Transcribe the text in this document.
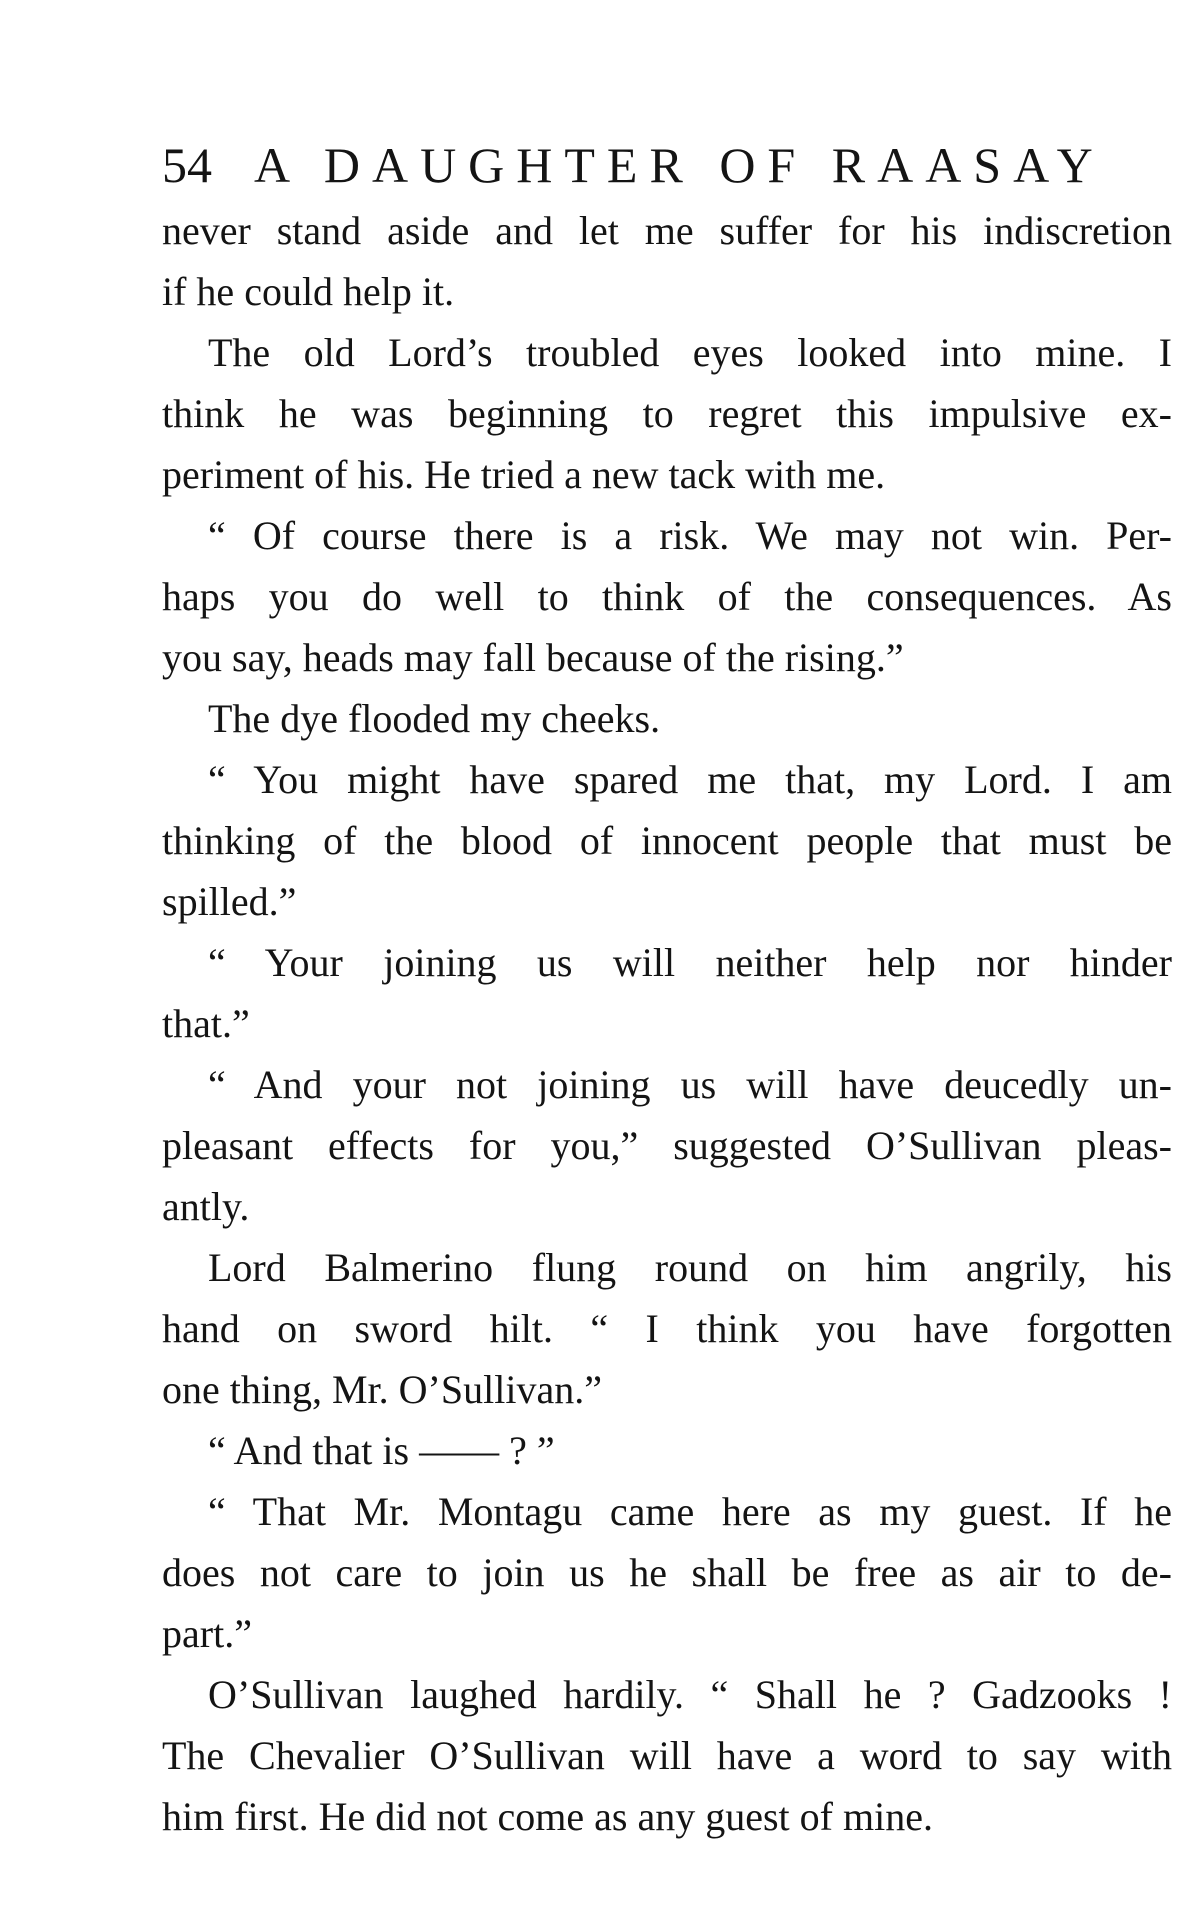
54 A DAUGHTER OF RAASAY
never stand aside and let me suffer for his indiscretion
if he could help it.
The old Lord’s troubled eyes looked into mine. I
think he was beginning to regret this impulsive ex-
periment of his. He tried a new tack with me.
“ Of course there is a risk. We may not win. Per-
haps you do well to think of the consequences. As
you say, heads may fall because of the rising.”
The dye flooded my cheeks.
“ You might have spared me that, my Lord. I am
thinking of the blood of innocent people that must be
spilled.”
“ Your joining us will neither help nor hinder
that.”
“ And your not joining us will have deucedly un-
pleasant effects for you,” suggested O’Sullivan pleas-
antly.
Lord Balmerino flung round on him angrily, his
hand on sword hilt. “ I think you have forgotten
one thing, Mr. O’Sullivan.”
“ And that is —— ? ”
“ That Mr. Montagu came here as my guest. If he
does not care to join us he shall be free as air to de-
part.”
O’Sullivan laughed hardily. “ Shall he ? Gadzooks !
The Chevalier O’Sullivan will have a word to say with
him first. He did not come as any guest of mine.
